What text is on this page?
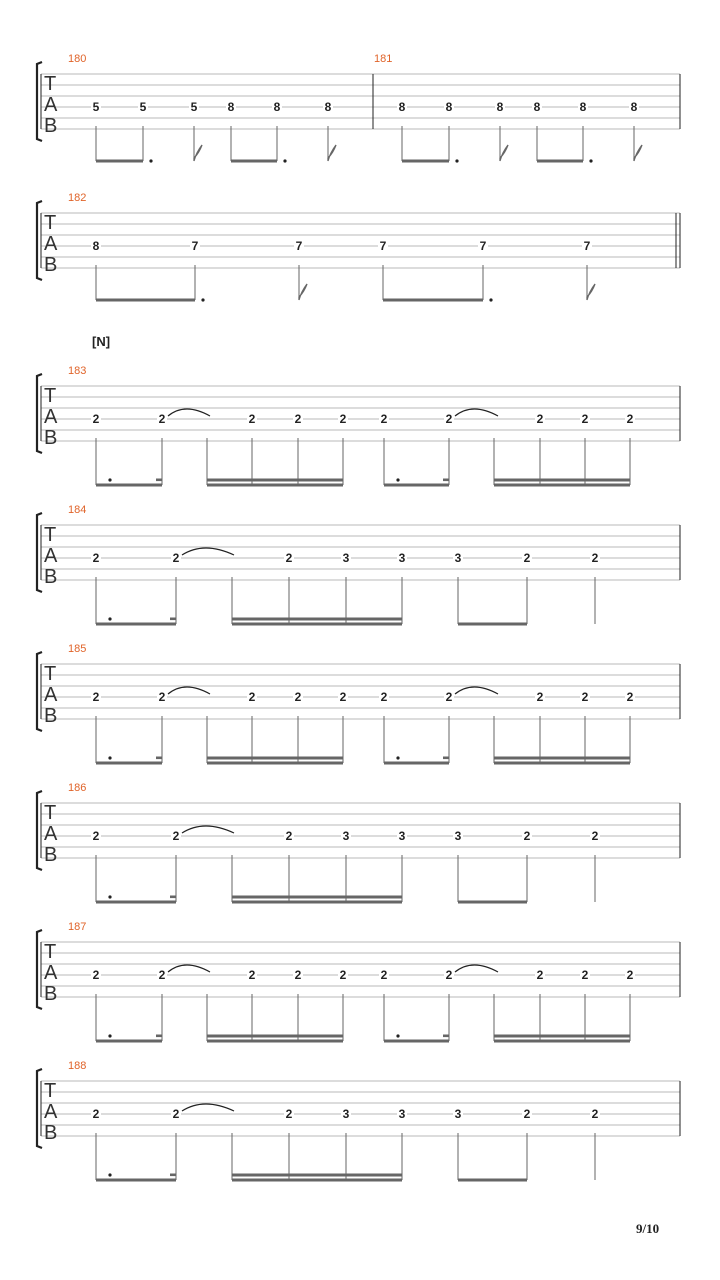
T
A
B
180
5	5	5	8	8	8
181
8	8	8	8	8	8
T
A
B
182
8	7	7	7	7	7
T
A
B
[N]
183
2	2	2	2	2	2	2	2	2	2
T
A
B
184
2	2	2	3	3	3	2	2
T
A
B
185
2	2	2	2	2	2	2	2	2	2
T
A
B
186
2	2	2	3	3	3	2	2
T
A
B
187
2	2	2	2	2	2	2	2	2	2
T
A
B
188
2	2	2	3	3	3	2	2
9/10
